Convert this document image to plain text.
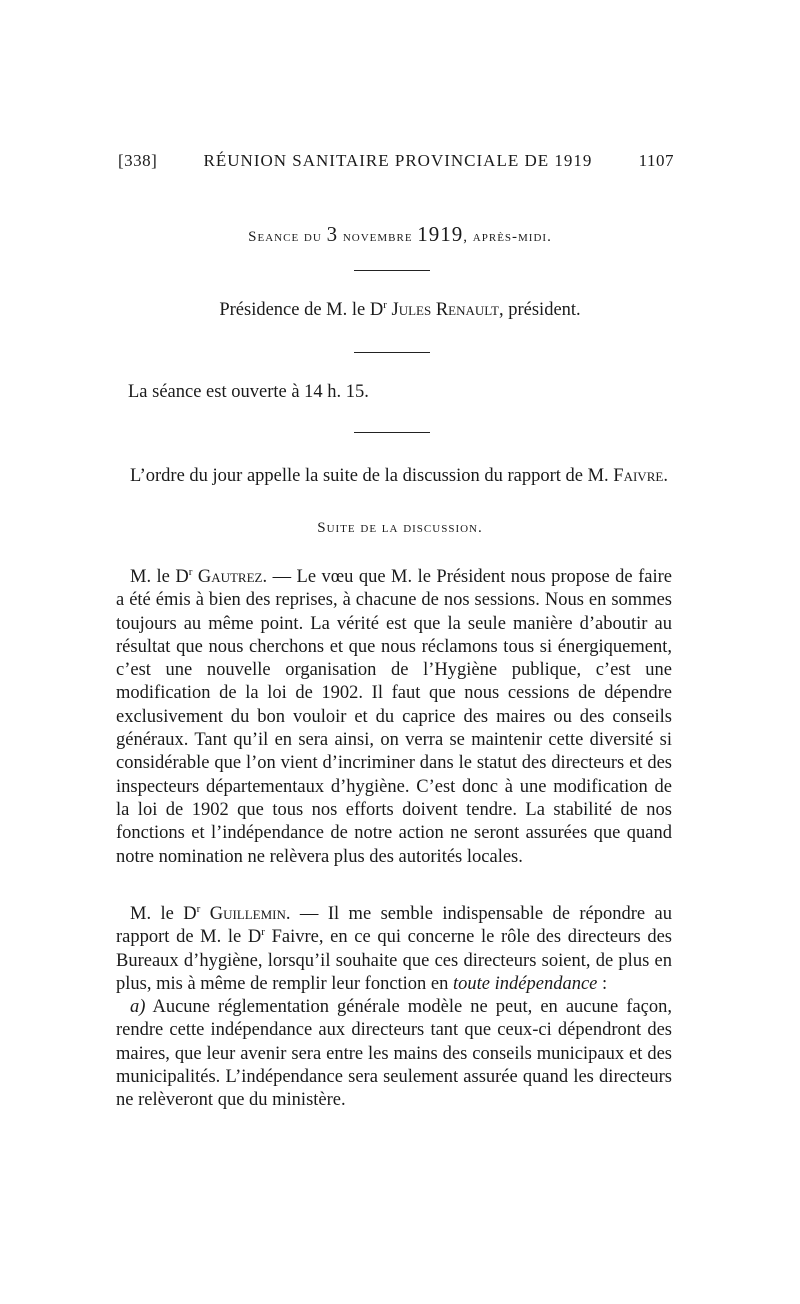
[338]	RÉUNION SANITAIRE PROVINCIALE DE 1919	1107
Seance du 3 novembre 1919, après-midi.
Présidence de M. le $D^r$ Jules Renault, président.
La séance est ouverte à 14 h. 15.

L’ordre du jour appelle la suite de la discussion du rapport de M. Faivre.

Suite de la discussion.

M. le $D^r$ Gautrez. — Le vœu que M. le Président nous propose de faire a été émis à bien des reprises, à chacune de nos sessions. Nous en sommes toujours au même point. La vérité est que la seule manière d’aboutir au résultat que nous cherchons et que nous réclamons tous si énergiquement, c’est une nouvelle organisation de l’Hygiène publique, c’est une modification de la loi de 1902. Il faut que nous cessions de dépendre exclusivement du bon vouloir et du caprice des maires ou des conseils généraux. Tant qu’il en sera ainsi, on verra se maintenir cette diversité si considérable que l’on vient d’incriminer dans le statut des directeurs et des inspecteurs départementaux d’hygiène. C’est donc à une modification de la loi de 1902 que tous nos efforts doivent tendre. La stabilité de nos fonctions et l’indépendance de notre action ne seront assurées que quand notre nomination ne relèvera plus des autorités locales.

M. le $D^r$ Guillemin. — Il me semble indispensable de répondre au rapport de M. le $D^r$ Faivre, en ce qui concerne le rôle des directeurs des Bureaux d’hygiène, lorsqu’il souhaite que ces directeurs soient, de plus en plus, mis à même de remplir leur fonction en toute indépendance :

a) Aucune réglementation générale modèle ne peut, en aucune façon, rendre cette indépendance aux directeurs tant que ceux-ci dépendront des maires, que leur avenir sera entre les mains des conseils municipaux et des municipalités. L’indépendance sera seulement assurée quand les directeurs ne relèveront que du ministère.
